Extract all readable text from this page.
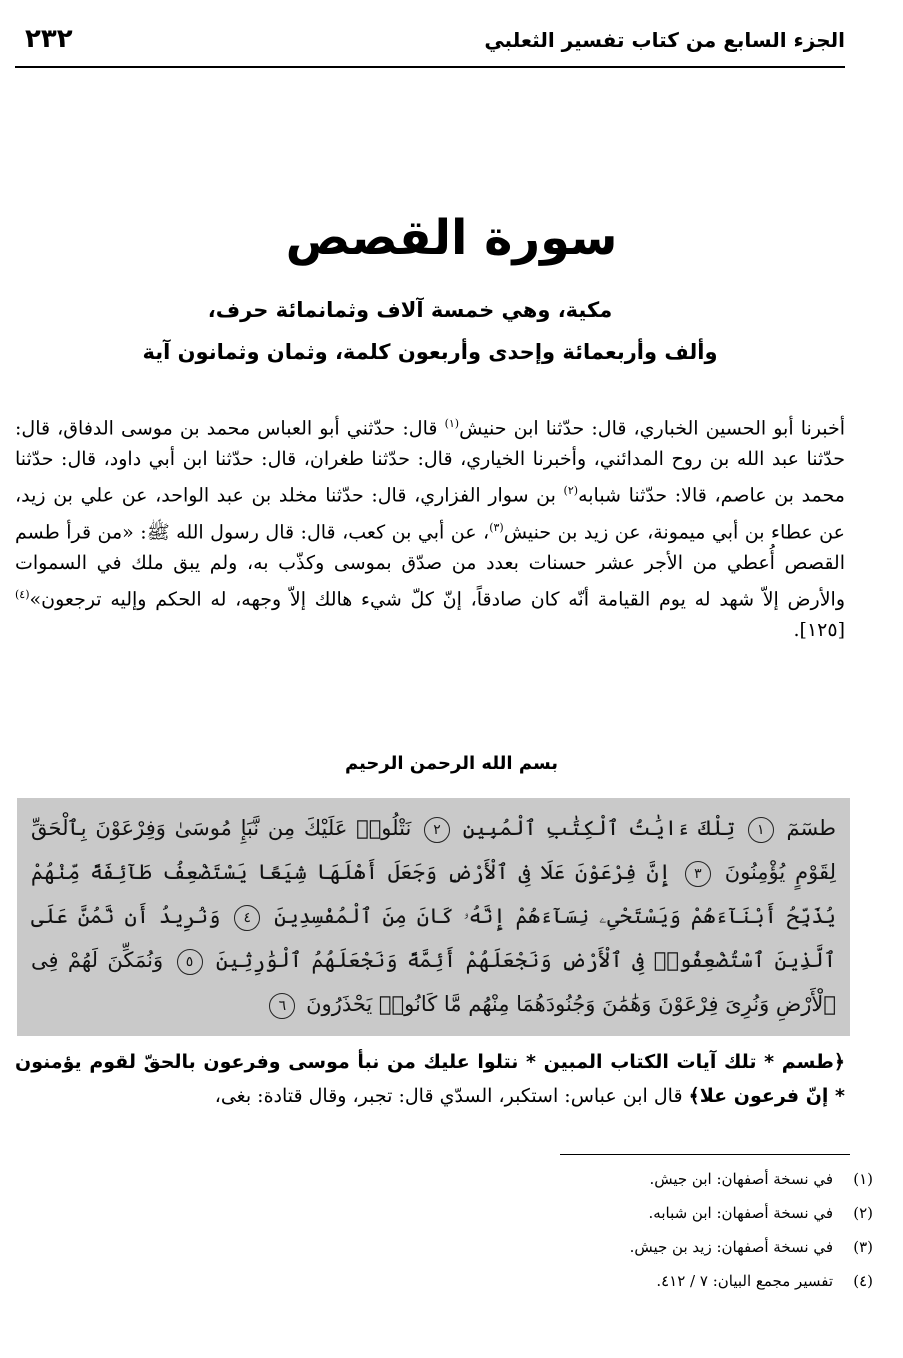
الجزء السابع من كتاب تفسير الثعلبي
٢٣٢
سورة القصص
مكية، وهي خمسة آلاف وثمانمائة حرف،
وألف وأربعمائة وإحدى وأربعون كلمة، وثمان وثمانون آية
أخبرنا أبو الحسين الخباري، قال: حدّثنا ابن حنيش$^{(١)}$ قال: حدّثني أبو العباس محمد بن موسى الدفاق، قال: حدّثنا عبد الله بن روح المدائني، وأخبرنا الخياري، قال: حدّثنا طغران، قال: حدّثنا ابن أبي داود، قال: حدّثنا محمد بن عاصم، قالا: حدّثنا شبابه$^{(٢)}$ بن سوار الفزاري، قال: حدّثنا مخلد بن عبد الواحد، عن علي بن زيد، عن عطاء بن أبي ميمونة، عن زيد بن حنيش$^{(٣)}$، عن أبي بن كعب، قال: قال رسول الله ﷺ: «من قرأ طسم القصص أُعطي من الأجر عشر حسنات بعدد من صدّق بموسى وكذّب به، ولم يبق ملك في السموات والأرض إلاّ شهد له يوم القيامة أنّه كان صادقاً، إنّ كلّ شيء هالك إلاّ وجهه، له الحكم وإليه ترجعون»$^{(٤)}$[١٢٥].
بسم الله الرحمن الرحيم
طسٓمٓ ١ تِلْكَ ءَايَٰتُ ٱلْكِتَٰبِ ٱلْمُبِينِ ٢ نَتْلُوا۟ عَلَيْكَ مِن نَّبَإِ مُوسَىٰ وَفِرْعَوْنَ بِٱلْحَقِّ لِقَوْمٍ يُؤْمِنُونَ ٣ إِنَّ فِرْعَوْنَ عَلَا فِى ٱلْأَرْضِ وَجَعَلَ أَهْلَهَا شِيَعًا يَسْتَضْعِفُ طَآئِفَةً مِّنْهُمْ يُذَبِّحُ أَبْنَآءَهُمْ وَيَسْتَحْىِۦ نِسَآءَهُمْ إِنَّهُۥ كَانَ مِنَ ٱلْمُفْسِدِينَ ٤ وَنُرِيدُ أَن نَّمُنَّ عَلَى ٱلَّذِينَ ٱسْتُضْعِفُوا۟ فِى ٱلْأَرْضِ وَنَجْعَلَهُمْ أَئِمَّةً وَنَجْعَلَهُمُ ٱلْوَٰرِثِينَ ٥ وَنُمَكِّنَ لَهُمْ فِى ٱلْأَرْضِ وَنُرِىَ فِرْعَوْنَ وَهَٰمَٰنَ وَجُنُودَهُمَا مِنْهُم مَّا كَانُوا۟ يَحْذَرُونَ ٦
﴿طسم * تلك آيات الكتاب المبين * نتلوا عليك من نبأ موسى وفرعون بالحقّ لقوم يؤمنون * إنّ فرعون علا﴾ قال ابن عباس: استكبر، السدّي قال: تجبر، وقال قتادة: بغى،
(١)في نسخة أصفهان: ابن جيش.
(٢)في نسخة أصفهان: ابن شبابه.
(٣)في نسخة أصفهان: زيد بن جيش.
(٤)تفسير مجمع البيان: ٧ / ٤١٢.
